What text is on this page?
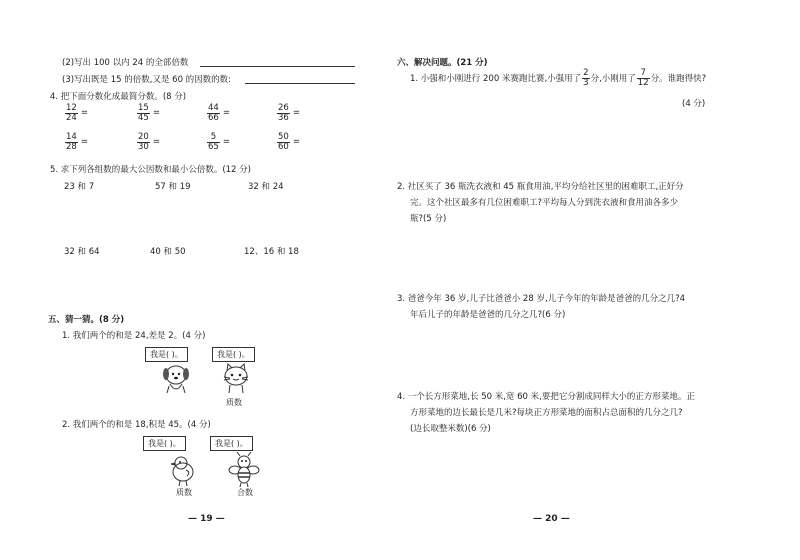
(2)写出 100 以内 24 的全部倍数
(3)写出既是 15 的倍数,又是 60 的因数的数:
4. 把下面分数化成最简分数。(8 分)
$\frac{12}{24}$ =	$\frac{15}{45}$ =	$\frac{44}{66}$ =	$\frac{26}{36}$ =
$\frac{14}{28}$ =	$\frac{20}{30}$ =	$\frac{5}{65}$ =	$\frac{50}{60}$ =
5. 求下列各组数的最大公因数和最小公倍数。(12 分)
23 和 7	57 和 19	32 和 24
32 和 64	40 和 50	12、16 和 18
五、猜一猜。(8 分)
1. 我们两个的和是 24,差是 2。(4 分)
我是( )。	我是( )。
质数
2. 我们两个的和是 18,积是 45。(4 分)
我是( )。	我是( )。
质数	合数
— 19 —
六、解决问题。(21 分)
1. 小强和小刚进行 200 米赛跑比赛,小强用了 $\frac{2}{3}$ 分,小刚用了 $\frac{7}{12}$ 分。谁跑得快?
(4 分)
2. 社区买了 36 瓶洗衣液和 45 瓶食用油,平均分给社区里的困难职工,正好分
完。这个社区最多有几位困难职工?平均每人分到洗衣液和食用油各多少
瓶?(5 分)
3. 爸爸今年 36 岁,儿子比爸爸小 28 岁,儿子今年的年龄是爸爸的几分之几?4
年后儿子的年龄是爸爸的几分之几?(6 分)
4. 一个长方形菜地,长 50 米,宽 60 米,要把它分割成同样大小的正方形菜地。正
方形菜地的边长最长是几米?每块正方形菜地的面积占总面积的几分之几?
(边长取整米数)(6 分)
— 20 —
